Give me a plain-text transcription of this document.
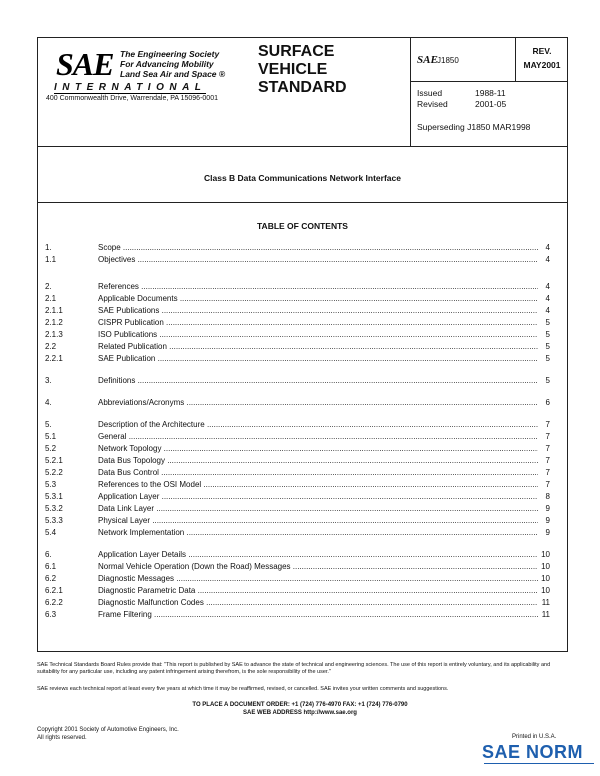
SAE The Engineering Society
For Advancing Mobility
Land Sea Air and Space ®
INTERNATIONAL
400 Commonwealth Drive, Warrendale, PA 15096-0001
SURFACE
VEHICLE
STANDARD
SAE J1850
REV.
MAY2001
Issued	1988-11
Revised	2001-05
Superseding J1850 MAR1998
Class B Data Communications Network Interface
TABLE OF CONTENTS
1.	Scope .....	4
1.1	Objectives .....	4
2.	References .....	4
2.1	Applicable Documents .....	4
2.1.1	SAE Publications .....	4
2.1.2	CISPR Publication .....	5
2.1.3	ISO Publications .....	5
2.2	Related Publication .....	5
2.2.1	SAE Publication .....	5
3.	Definitions .....	5
4.	Abbreviations/Acronyms .....	6
5.	Description of the Architecture .....	7
5.1	General .....	7
5.2	Network Topology .....	7
5.2.1	Data Bus Topology .....	7
5.2.2	Data Bus Control .....	7
5.3	References to the OSI Model .....	7
5.3.1	Application Layer .....	8
5.3.2	Data Link Layer .....	9
5.3.3	Physical Layer .....	9
5.4	Network Implementation .....	9
6.	Application Layer Details .....	10
6.1	Normal Vehicle Operation (Down the Road) Messages .....	10
6.2	Diagnostic Messages .....	10
6.2.1	Diagnostic Parametric Data .....	10
6.2.2	Diagnostic Malfunction Codes .....	11
6.3	Frame Filtering .....	11
SAE Technical Standards Board Rules provide that: "This report is published by SAE to advance the state of technical and engineering sciences. The use of this report is entirely voluntary, and its applicability and suitability for any particular use, including any patent infringement arising therefrom, is the sole responsibility of the user."
SAE reviews each technical report at least every five years at which time it may be reaffirmed, revised, or cancelled. SAE invites your written comments and suggestions.
TO PLACE A DOCUMENT ORDER: +1 (724) 776-4970 FAX: +1 (724) 776-0790
SAE WEB ADDRESS http://www.sae.org
Copyright 2001 Society of Automotive Engineers, Inc.
All rights reserved.	Printed in U.S.A.
SAE NORM
